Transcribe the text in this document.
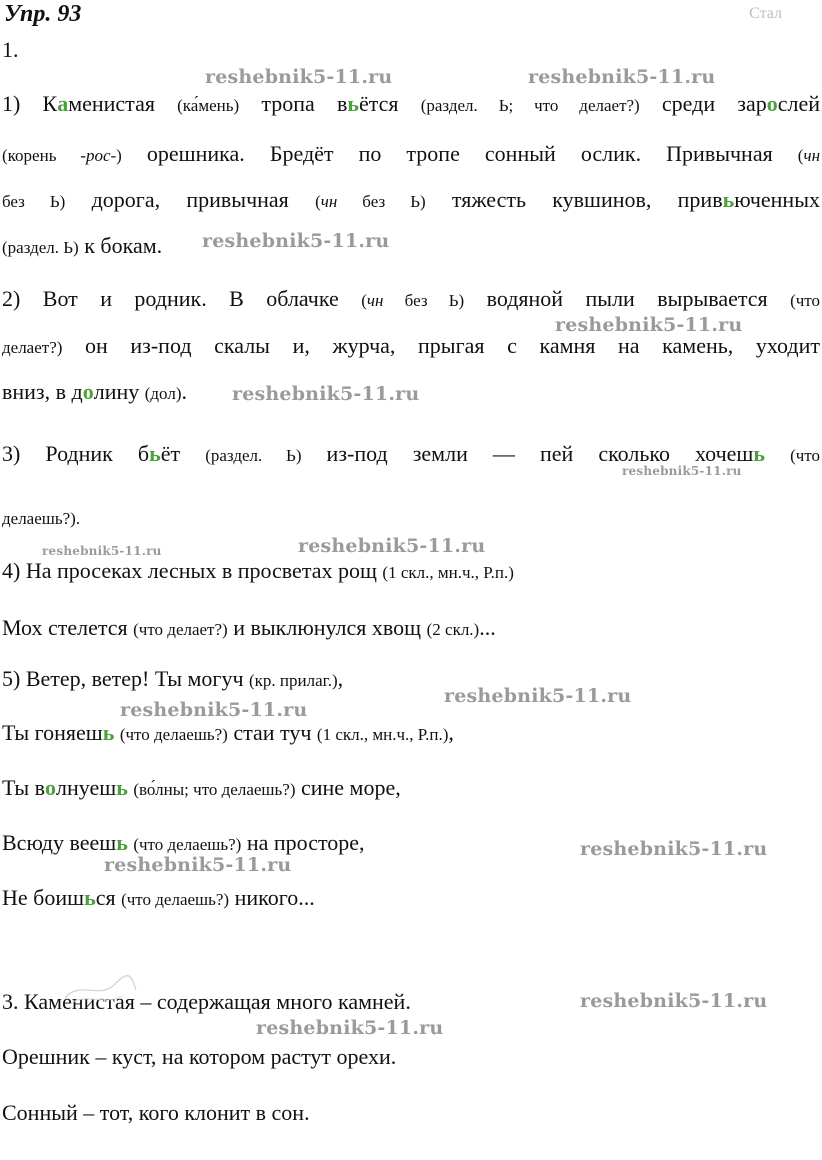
Упр. 93	Стал
1.
1) Каменистая (ка́мень) тропа вьётся (раздел. Ь; что делает?) среди зарослей
(корень -рос-) орешника. Бредёт по тропе сонный ослик. Привычная (чн
без Ь) дорога, привычная (чн без Ь) тяжесть кувшинов, привьюченных
(раздел. Ь) к бокам.
2) Вот и родник. В облачке (чн без Ь) водяной пыли вырывается (что
делает?) он из-под скалы и, журча, прыгая с камня на камень, уходит
вниз, в долину (дол).
3) Родник бьёт (раздел. Ь) из-под земли — пей сколько хочешь (что
делаешь?).
4) На просеках лесных в просветах рощ (1 скл., мн.ч., Р.п.)
Мох стелется (что делает?) и выклюнулся хвощ (2 скл.)...
5) Ветер, ветер! Ты могуч (кр. прилаг.),
Ты гоняешь (что делаешь?) стаи туч (1 скл., мн.ч., Р.п.),
Ты волнуешь (во́лны; что делаешь?) сине море,
Всюду веешь (что делаешь?) на просторе,
Не боишься (что делаешь?) никого...
3. Каменистая – содержащая много камней.
Орешник – куст, на котором растут орехи.
Сонный – тот, кого клонит в сон.
reshebnik5-11.ru	reshebnik5-11.ru
reshebnik5-11.ru
reshebnik5-11.ru
reshebnik5-11.ru
reshebnik5-11.ru
reshebnik5-11.ru	reshebnik5-11.ru
reshebnik5-11.ru
reshebnik5-11.ru
reshebnik5-11.ru
reshebnik5-11.ru
reshebnik5-11.ru
reshebnik5-11.ru
